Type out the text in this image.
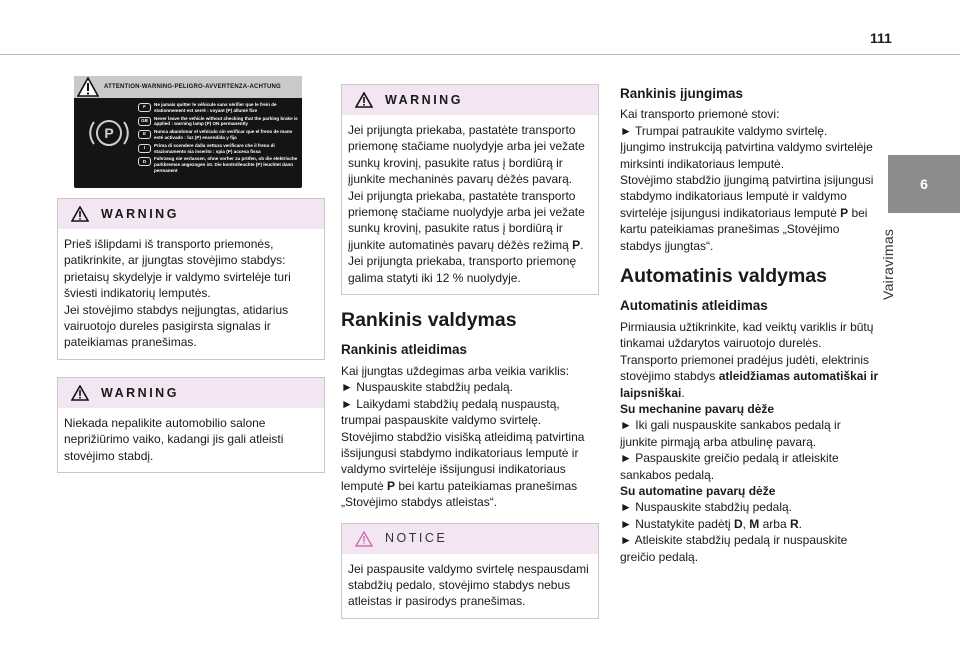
111
6
Vairavimas
ATTENTION-WARNING-PELIGRO-AVVERTENZA-ACHTUNG
P
F	Ne jamais quitter le véhicule sans vérifier que le frein de stationnement est serré : voyant (P) allumé fixe
GB	Never leave the vehicle without checking that the parking brake is applied : warning lamp (P) ON permanently
E	Nunca abandonar el vehículo sin verificar que el freno de mano esté activado : luz (P) encendida y fija
I	Prima di scendere dalla vettura verificare che il freno di stazionamento sia inserito : spia (P) accesa fissa
D	Fahrzeug nie verlassen, ohne vorher zu prüfen, ob die elektrische parkbremse angezogen ist. Die kontrolleuchte (P) leuchtet dann permanent
WARNING

Prieš išlipdami iš transporto priemonės, patikrinkite, ar įjungtas stovėjimo stabdys: prietaisų skydelyje ir valdymo svirtelėje turi šviesti indikatorių lemputės.

Jei stovėjimo stabdys neįjungtas, atidarius vairuotojo dureles pasigirsta signalas ir pateikiamas pranešimas.

WARNING

Niekada nepalikite automobilio salone neprižiūrimo vaiko, kadangi jis gali atleisti stovėjimo stabdį.

WARNING

Jei prijungta priekaba, pastatėte transporto priemonę stačiame nuolydyje arba jei vežate sunkų krovinį, pasukite ratus į bordiūrą ir įjunkite mechaninės pavarų dėžės pavarą.

Jei prijungta priekaba, pastatėte transporto priemonę stačiame nuolydyje arba jei vežate sunkų krovinį, pasukite ratus į bordiūrą ir įjunkite automatinės pavarų dėžės režimą P.

Jei prijungta priekaba, transporto priemonę galima statyti iki 12 % nuolydyje.

Rankinis valdymas
Rankinis atleidimas

Kai įjungtas uždegimas arba veikia variklis:

► Nuspauskite stabdžių pedalą.

► Laikydami stabdžių pedalą nuspaustą, trumpai paspauskite valdymo svirtelę.

Stovėjimo stabdžio visišką atleidimą patvirtina išsijungusi stabdymo indikatoriaus lemputė ir valdymo svirtelėje išsijungusi indikatoriaus lemputė P bei kartu pateikiamas pranešimas „Stovėjimo stabdys atleistas“.

NOTICE

Jei paspausite valdymo svirtelę nespausdami stabdžių pedalo, stovėjimo stabdys nebus atleistas ir pasirodys pranešimas.

Rankinis įjungimas

Kai transporto priemonė stovi:

► Trumpai patraukite valdymo svirtelę.

Įjungimo instrukciją patvirtina valdymo svirtelėje mirksinti indikatoriaus lemputė.

Stovėjimo stabdžio įjungimą patvirtina įsijungusi stabdymo indikatoriaus lemputė ir valdymo svirtelėje įsijungusi indikatoriaus lemputė P bei kartu pateikiamas pranešimas „Stovėjimo stabdys įjungtas“.

Automatinis valdymas
Automatinis atleidimas

Pirmiausia užtikrinkite, kad veiktų variklis ir būtų tinkamai uždarytos vairuotojo durelės.

Transporto priemonei pradėjus judėti, elektrinis stovėjimo stabdys atleidžiamas automatiškai ir laipsniškai.

Su mechanine pavarų dėže

► Iki gali nuspauskite sankabos pedalą ir įjunkite pirmąją arba atbulinę pavarą.

► Paspauskite greičio pedalą ir atleiskite sankabos pedalą.

Su automatine pavarų dėže

► Nuspauskite stabdžių pedalą.

► Nustatykite padėtį D, M arba R.

► Atleiskite stabdžių pedalą ir nuspauskite greičio pedalą.
